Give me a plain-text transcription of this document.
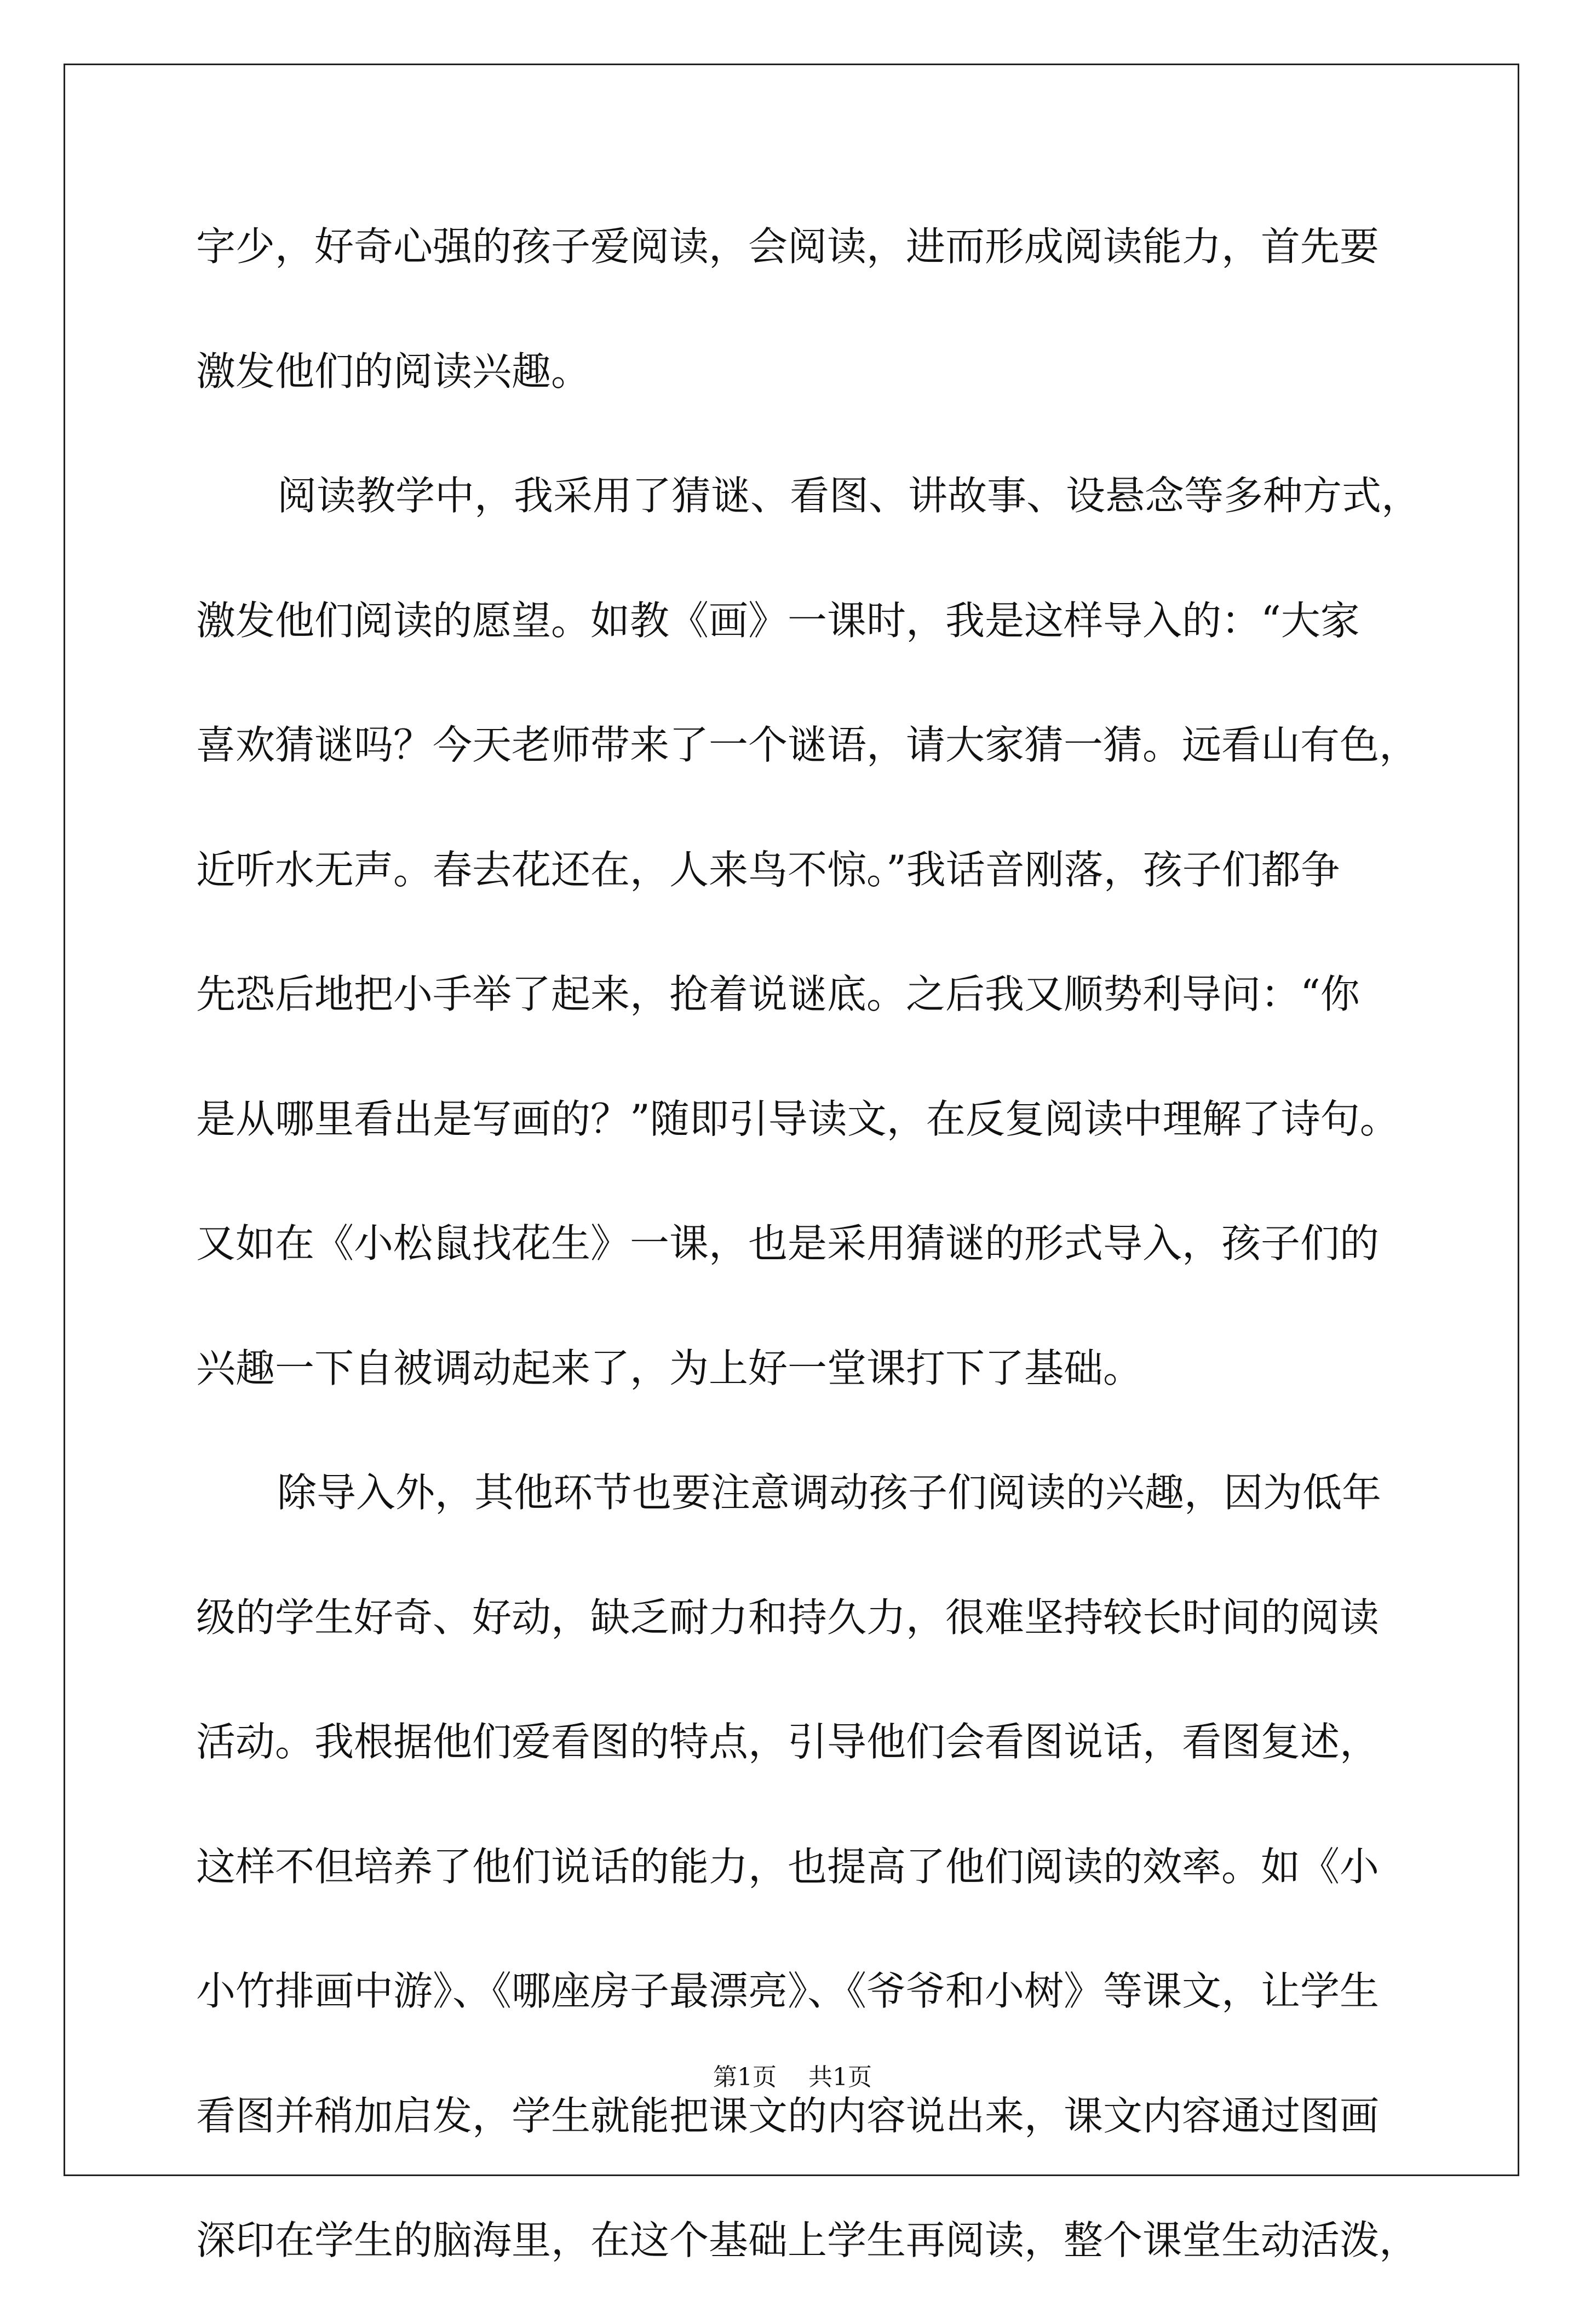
字少，好奇心强的孩子爱阅读，会阅读，进而形成阅读能力，首先要
激发他们的阅读兴趣。
阅读教学中，我采用了猜谜、看图、讲故事、设悬念等多种方式，
激发他们阅读的愿望。如教《画》一课时，我是这样导入的：“大家
喜欢猜谜吗？今天老师带来了一个谜语，请大家猜一猜。远看山有色，
近听水无声。春去花还在，人来鸟不惊。”我话音刚落，孩子们都争
先恐后地把小手举了起来，抢着说谜底。之后我又顺势利导问：“你
是从哪里看出是写画的？”随即引导读文，在反复阅读中理解了诗句。
又如在《小松鼠找花生》一课，也是采用猜谜的形式导入，孩子们的
兴趣一下自被调动起来了，为上好一堂课打下了基础。
除导入外，其他环节也要注意调动孩子们阅读的兴趣，因为低年
级的学生好奇、好动，缺乏耐力和持久力，很难坚持较长时间的阅读
活动。我根据他们爱看图的特点，引导他们会看图说话，看图复述，
这样不但培养了他们说话的能力，也提高了他们阅读的效率。如《小
小竹排画中游》、《哪座房子最漂亮》、《爷爷和小树》等课文，让学生
看图并稍加启发，学生就能把课文的内容说出来，课文内容通过图画
深印在学生的脑海里，在这个基础上学生再阅读，整个课堂生动活泼，
第1页 共1页
